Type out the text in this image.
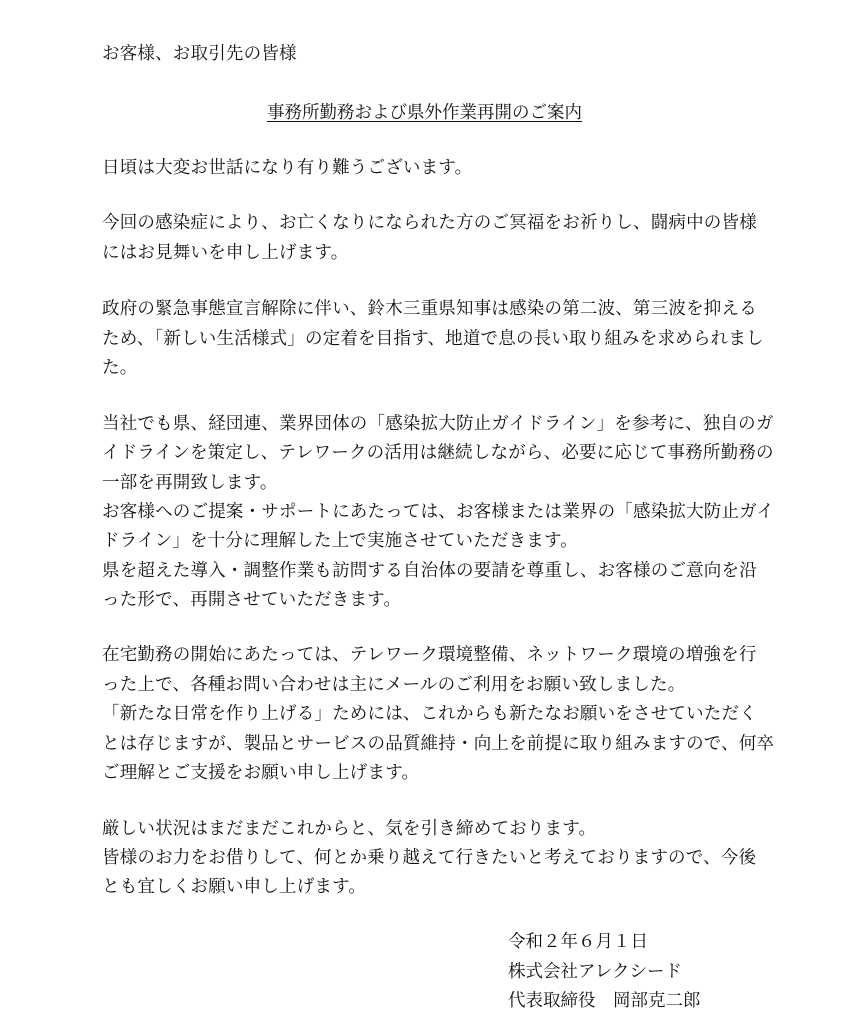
お客様、お取引先の皆様
事務所勤務および県外作業再開のご案内
日頃は大変お世話になり有り難うございます。
今回の感染症により、お亡くなりになられた方のご冥福をお祈りし、闘病中の皆様
にはお見舞いを申し上げます。
政府の緊急事態宣言解除に伴い、鈴木三重県知事は感染の第二波、第三波を抑える
ため、「新しい生活様式」の定着を目指す、地道で息の長い取り組みを求められまし
た。
当社でも県、経団連、業界団体の「感染拡大防止ガイドライン」を参考に、独自のガ
イドラインを策定し、テレワークの活用は継続しながら、必要に応じて事務所勤務の
一部を再開致します。
お客様へのご提案・サポートにあたっては、お客様または業界の「感染拡大防止ガイ
ドライン」を十分に理解した上で実施させていただきます。
県を超えた導入・調整作業も訪問する自治体の要請を尊重し、お客様のご意向を沿
った形で、再開させていただきます。
在宅勤務の開始にあたっては、テレワーク環境整備、ネットワーク環境の増強を行
った上で、各種お問い合わせは主にメールのご利用をお願い致しました。
「新たな日常を作り上げる」ためには、これからも新たなお願いをさせていただく
とは存じますが、製品とサービスの品質維持・向上を前提に取り組みますので、何卒
ご理解とご支援をお願い申し上げます。
厳しい状況はまだまだこれからと、気を引き締めております。
皆様のお力をお借りして、何とか乗り越えて行きたいと考えておりますので、今後
とも宜しくお願い申し上げます。
令和２年６月１日
株式会社アレクシード
代表取締役　岡部克二郎
